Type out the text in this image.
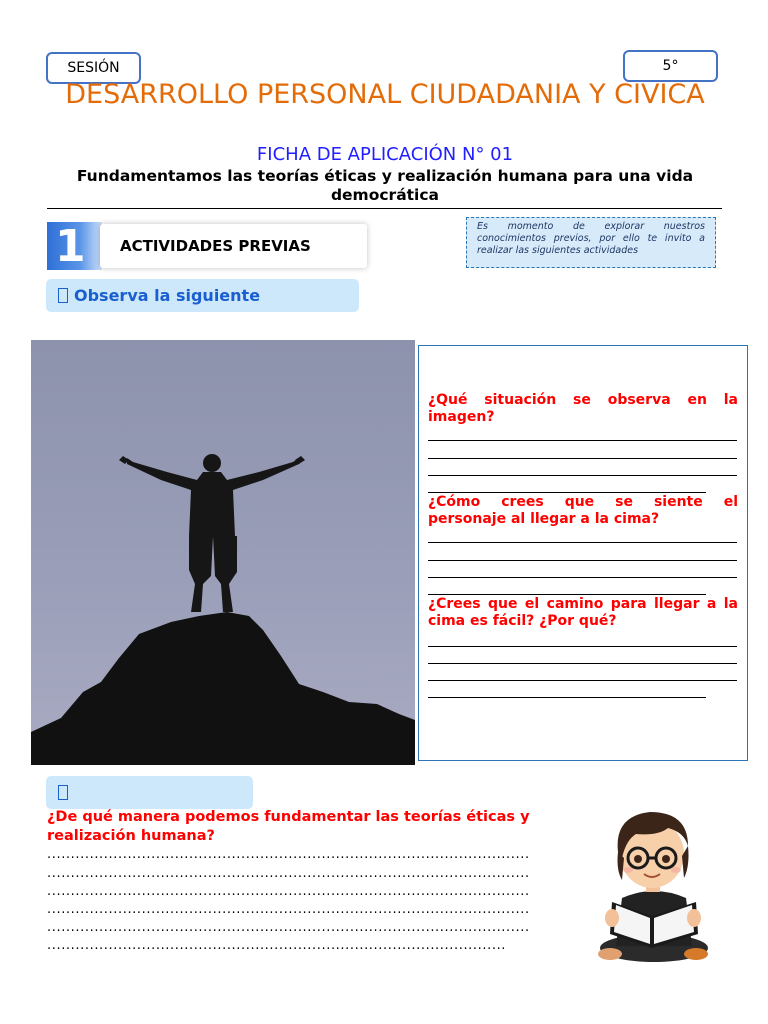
SESIÓN	5°
DESARROLLO PERSONAL CIUDADANIA Y CIVICA
FICHA DE APLICACIÓN N° 01
Fundamentamos las teorías éticas y realización humana para una vida democrática
1 ACTIVIDADES PREVIAS
Es momento de explorar nuestros conocimientos previos, por ello te invito a realizar las siguientes actividades
Observa la siguiente
¿Qué situación se observa en la imagen?
¿Cómo crees que se siente el personaje al llegar a la cima?
¿Crees que el camino para llegar a la cima es fácil? ¿Por qué?
¿De qué manera podemos fundamentar las teorías éticas y realización humana?
......................................................................................................
......................................................................................................
......................................................................................................
......................................................................................................
......................................................................................................
.................................................................................................
